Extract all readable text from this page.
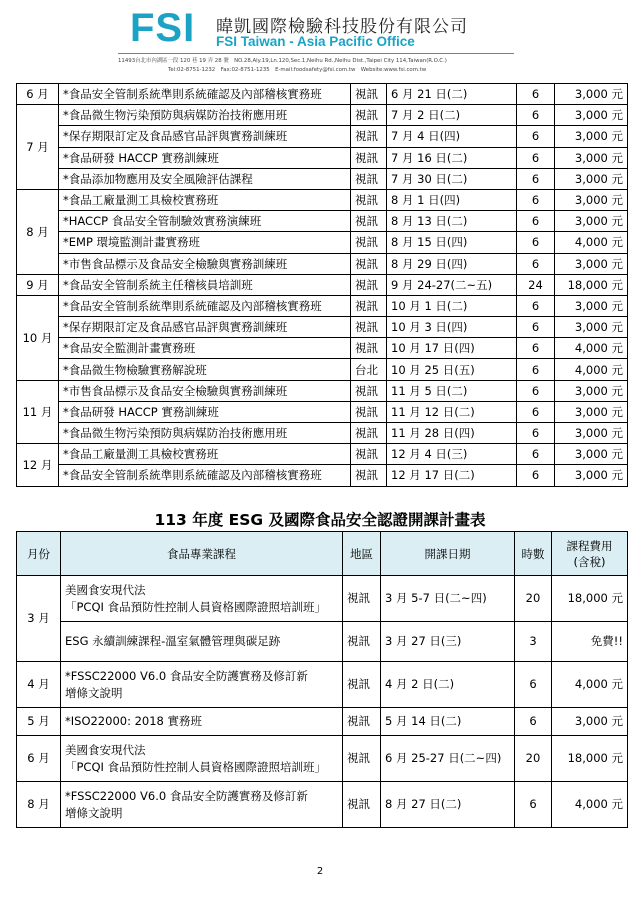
FSI 暐凱國際檢驗科技股份有限公司
FSI Taiwan - Asia Pacific Office
11493台北市內湖區一段 120 巷 19 弄 28 號　NO.28,Aly.19,Ln.120,Sec.1,Neihu Rd.,Neihu Dist.,Taipei City 114,Taiwan(R.O.C.)
Tel:02-8751-1232　Fax:02-8751-1235　E-mail:foodsafety@fsi.com.tw　Website:www.fsi.com.tw
6 月	*食品安全管制系統準則系統確認及內部稽核實務班	視訊	6 月 21 日(二)	6	3,000 元
7 月	*食品微生物污染預防與病媒防治技術應用班	視訊	7 月 2 日(二)	6	3,000 元
	*保存期限訂定及食品感官品評與實務訓練班	視訊	7 月 4 日(四)	6	3,000 元
	*食品研發 HACCP 實務訓練班	視訊	7 月 16 日(二)	6	3,000 元
	*食品添加物應用及安全風險評估課程	視訊	7 月 30 日(二)	6	3,000 元
8 月	*食品工廠量測工具檢校實務班	視訊	8 月 1 日(四)	6	3,000 元
	*HACCP 食品安全管制驗效實務演練班	視訊	8 月 13 日(二)	6	3,000 元
	*EMP 環境監測計畫實務班	視訊	8 月 15 日(四)	6	4,000 元
	*市售食品標示及食品安全檢驗與實務訓練班	視訊	8 月 29 日(四)	6	3,000 元
9 月	*食品安全管制系統主任稽核員培訓班	視訊	9 月 24-27(二~五)	24	18,000 元
10 月	*食品安全管制系統準則系統確認及內部稽核實務班	視訊	10 月 1 日(二)	6	3,000 元
	*保存期限訂定及食品感官品評與實務訓練班	視訊	10 月 3 日(四)	6	3,000 元
	*食品安全監測計畫實務班	視訊	10 月 17 日(四)	6	4,000 元
	*食品微生物檢驗實務解說班	台北	10 月 25 日(五)	6	4,000 元
11 月	*市售食品標示及食品安全檢驗與實務訓練班	視訊	11 月 5 日(二)	6	3,000 元
	*食品研發 HACCP 實務訓練班	視訊	11 月 12 日(二)	6	3,000 元
	*食品微生物污染預防與病媒防治技術應用班	視訊	11 月 28 日(四)	6	3,000 元
12 月	*食品工廠量測工具檢校實務班	視訊	12 月 4 日(三)	6	3,000 元
	*食品安全管制系統準則系統確認及內部稽核實務班	視訊	12 月 17 日(二)	6	3,000 元
113 年度 ESG 及國際食品安全認證開課計畫表
月份	食品專業課程	地區	開課日期	時數	課程費用
(含稅)

3 月	美國食安現代法
「PCQI 食品預防性控制人員資格國際證照培訓班」	視訊	3 月 5-7 日(二~四)	20	18,000 元

	ESG 永續訓練課程-溫室氣體管理與碳足跡	視訊	3 月 27 日(三)	3	免費!!
4 月	*FSSC22000 V6.0 食品安全防護實務及修訂新
增條文說明	視訊	4 月 2 日(二)	6	4,000 元
5 月	*ISO22000: 2018 實務班	視訊	5 月 14 日(二)	6	3,000 元
6 月	美國食安現代法
「PCQI 食品預防性控制人員資格國際證照培訓班」	視訊	6 月 25-27 日(二~四)	20	18,000 元
8 月	*FSSC22000 V6.0 食品安全防護實務及修訂新
增條文說明	視訊	8 月 27 日(二)	6	4,000 元
2
